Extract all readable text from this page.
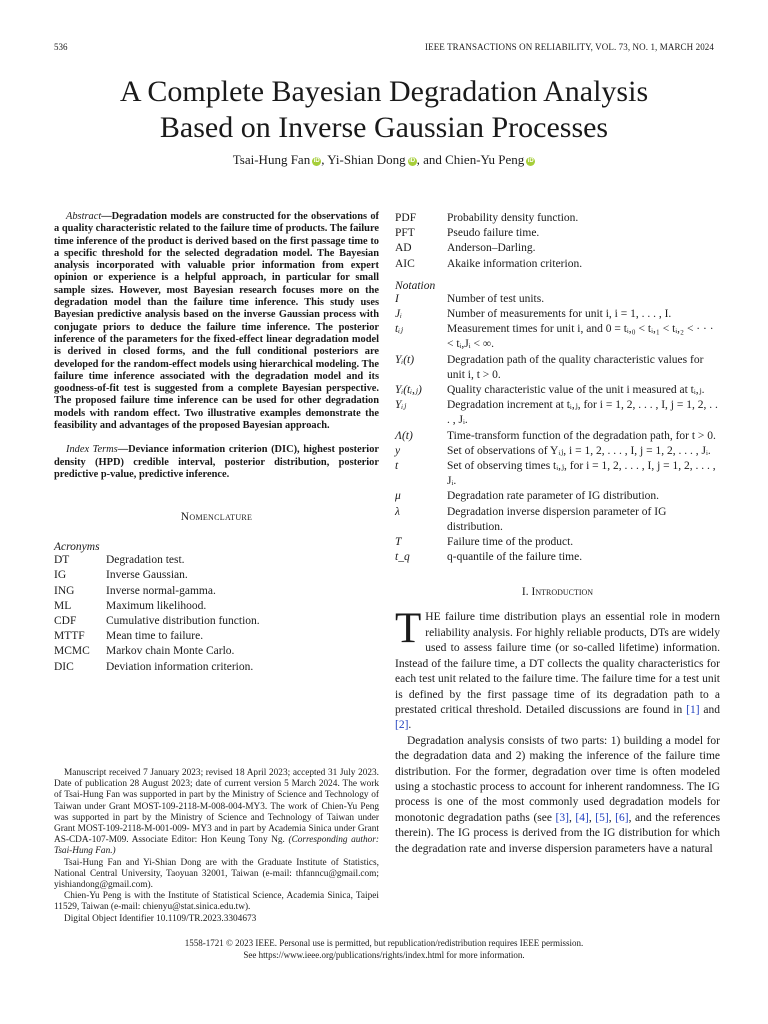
536	IEEE TRANSACTIONS ON RELIABILITY, VOL. 73, NO. 1, MARCH 2024
A Complete Bayesian Degradation Analysis
Based on Inverse Gaussian Processes
Tsai-Hung Fan iD , Yi-Shian Dong iD , and Chien-Yu Peng iD

Abstract—Degradation models are constructed for the observations of a quality characteristic related to the failure time of products. The failure time inference of the product is derived based on the first passage time to a specific threshold for the selected degradation model. The Bayesian analysis incorporated with valuable prior information from expert opinion or experience is a helpful approach, in particular for small sample sizes. However, most Bayesian research focuses more on the degradation model than the failure time inference. This study uses Bayesian predictive analysis based on the inverse Gaussian process with conjugate priors to deduce the failure time inference. The posterior inference of the parameters for the fixed-effect linear degradation model is derived in closed forms, and the full conditional posteriors are developed for the random-effect models using hierarchical modeling. The failure time inference associated with the degradation model and its goodness-of-fit test is suggested from a complete Bayesian perspective. The proposed failure time inference can be used for other degradation models with random effect. Two illustrative examples demonstrate the feasibility and advantages of the proposed Bayesian approach.

Index Terms—Deviance information criterion (DIC), highest posterior density (HPD) credible interval, posterior distribution, posterior predictive p-value, predictive inference.

Nomenclature
Acronyms
DT	Degradation test.
IG	Inverse Gaussian.
ING	Inverse normal-gamma.
ML	Maximum likelihood.
CDF	Cumulative distribution function.
MTTF	Mean time to failure.
MCMC	Markov chain Monte Carlo.
DIC	Deviation information criterion.

Manuscript received 7 January 2023; revised 18 April 2023; accepted 31 July 2023. Date of publication 28 August 2023; date of current version 5 March 2024. The work of Tsai-Hung Fan was supported in part by the Ministry of Science and Technology of Taiwan under Grant MOST-109-2118-M-008-004-MY3. The work of Chien-Yu Peng was supported in part by the Ministry of Science and Technology of Taiwan under Grant MOST-109-2118-M-001-009- MY3 and in part by Academia Sinica under Grant AS-CDA-107-M09. Associate Editor: Hon Keung Tony Ng. (Corresponding author: Tsai-Hung Fan.)

Tsai-Hung Fan and Yi-Shian Dong are with the Graduate Institute of Statistics, National Central University, Taoyuan 32001, Taiwan (e-mail: thfanncu@gmail.com; yishiandong@gmail.com).

Chien-Yu Peng is with the Institute of Statistical Science, Academia Sinica, Taipei 11529, Taiwan (e-mail: chienyu@stat.sinica.edu.tw).

Digital Object Identifier 10.1109/TR.2023.3304673

PDF	Probability density function.
PFT	Pseudo failure time.
AD	Anderson–Darling.
AIC	Akaike information criterion.
Notation
I	Number of test units.
Jᵢ	Number of measurements for unit i, i = 1, . . . , I.
tᵢⱼ	Measurement times for unit i, and 0 = tᵢ,₀ < tᵢ,₁ < tᵢ,₂ < · · · < tᵢ,Jᵢ < ∞.
Yᵢ(t)	Degradation path of the quality characteristic values for unit i, t > 0.
Yᵢ(tᵢ,ⱼ)	Quality characteristic value of the unit i measured at tᵢ,ⱼ.
Yᵢⱼ	Degradation increment at tᵢ,ⱼ, for i = 1, 2, . . . , I, j = 1, 2, . . . , Jᵢ.
Λ(t)	Time-transform function of the degradation path, for t > 0.
y	Set of observations of Yᵢⱼ, i = 1, 2, . . . , I, j = 1, 2, . . . , Jᵢ.
t	Set of observing times tᵢ,ⱼ, for i = 1, 2, . . . , I, j = 1, 2, . . . , Jᵢ.
μ	Degradation rate parameter of IG distribution.
λ	Degradation inverse dispersion parameter of IG distribution.
T	Failure time of the product.
t_q	q-quantile of the failure time.
I. Introduction

THE failure time distribution plays an essential role in modern reliability analysis. For highly reliable products, DTs are widely used to assess failure time (or so-called lifetime) information. Instead of the failure time, a DT collects the quality characteristics for each test unit related to the failure time. The failure time for a test unit is defined by the first passage time of its degradation path to a prestated critical threshold. Detailed discussions are found in [1] and [2].

Degradation analysis consists of two parts: 1) building a model for the degradation data and 2) making the inference of the failure time distribution. For the former, degradation over time is often modeled using a stochastic process to account for inherent randomness. The IG process is one of the most commonly used degradation models for monotonic degradation paths (see [3], [4], [5], [6], and the references therein). The IG process is derived from the IG distribution for which the degradation rate and inverse dispersion parameters have a natural

1558-1721 © 2023 IEEE. Personal use is permitted, but republication/redistribution requires IEEE permission.
See https://www.ieee.org/publications/rights/index.html for more information.
